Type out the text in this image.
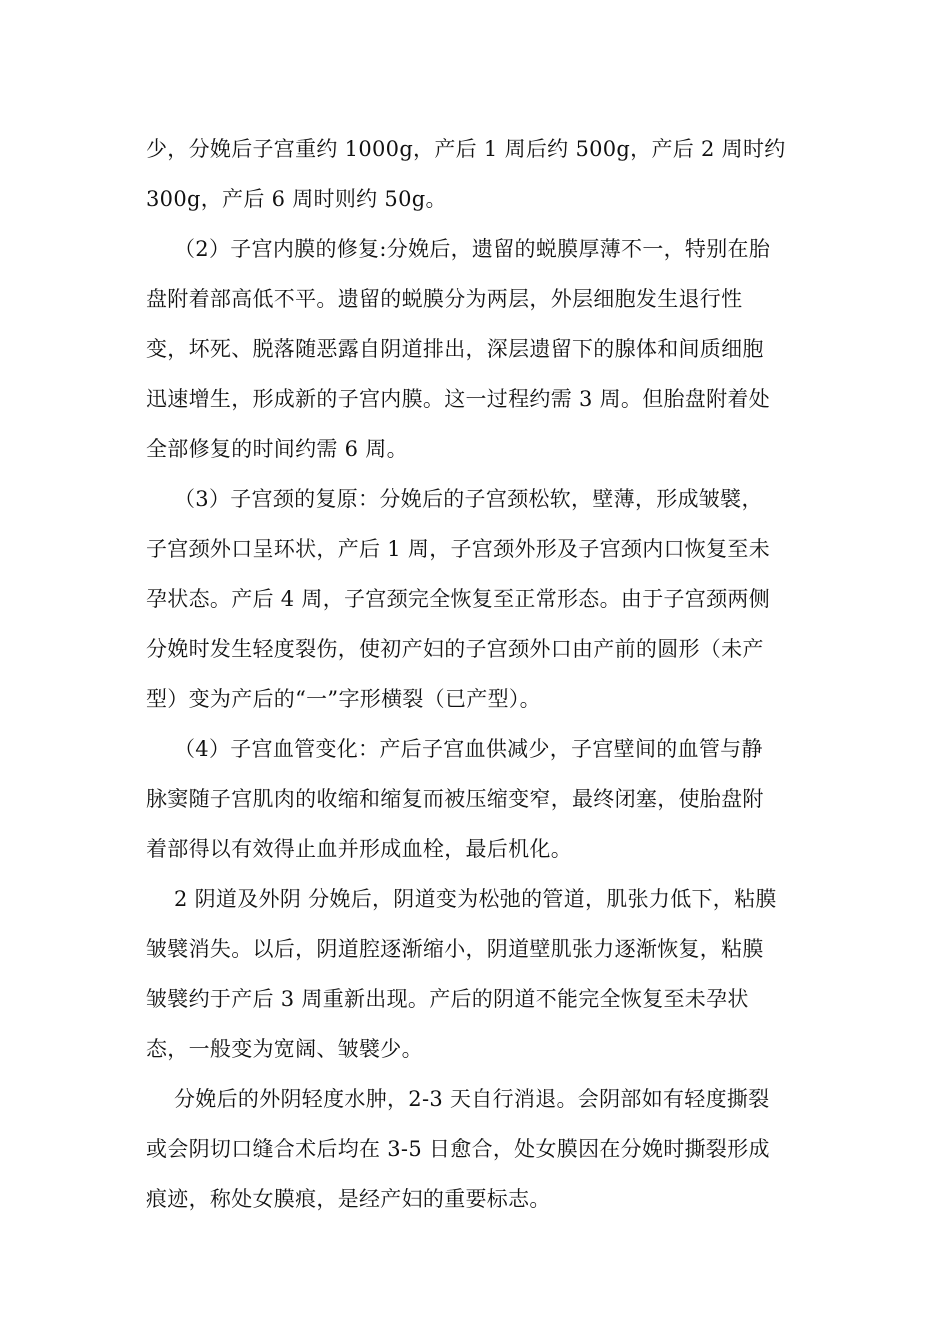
少，分娩后子宫重约 1000g，产后 1 周后约 500g，产后 2 周时约
300g，产后 6 周时则约 50g。
（2）子宫内膜的修复:分娩后，遗留的蜕膜厚薄不一，特别在胎
盘附着部高低不平。遗留的蜕膜分为两层，外层细胞发生退行性
变，坏死、脱落随恶露自阴道排出，深层遗留下的腺体和间质细胞
迅速增生，形成新的子宫内膜。这一过程约需 3 周。但胎盘附着处
全部修复的时间约需 6 周。
（3）子宫颈的复原：分娩后的子宫颈松软，壁薄，形成皱襞，
子宫颈外口呈环状，产后 1 周，子宫颈外形及子宫颈内口恢复至未
孕状态。产后 4 周，子宫颈完全恢复至正常形态。由于子宫颈两侧
分娩时发生轻度裂伤，使初产妇的子宫颈外口由产前的圆形（未产
型）变为产后的“一”字形横裂（已产型）。
（4）子宫血管变化：产后子宫血供减少，子宫壁间的血管与静
脉窦随子宫肌肉的收缩和缩复而被压缩变窄，最终闭塞，使胎盘附
着部得以有效得止血并形成血栓，最后机化。
2 阴道及外阴 分娩后，阴道变为松弛的管道，肌张力低下，粘膜
皱襞消失。以后，阴道腔逐渐缩小，阴道壁肌张力逐渐恢复，粘膜
皱襞约于产后 3 周重新出现。产后的阴道不能完全恢复至未孕状
态，一般变为宽阔、皱襞少。
分娩后的外阴轻度水肿，2-3 天自行消退。会阴部如有轻度撕裂
或会阴切口缝合术后均在 3-5 日愈合，处女膜因在分娩时撕裂形成
痕迹，称处女膜痕，是经产妇的重要标志。
